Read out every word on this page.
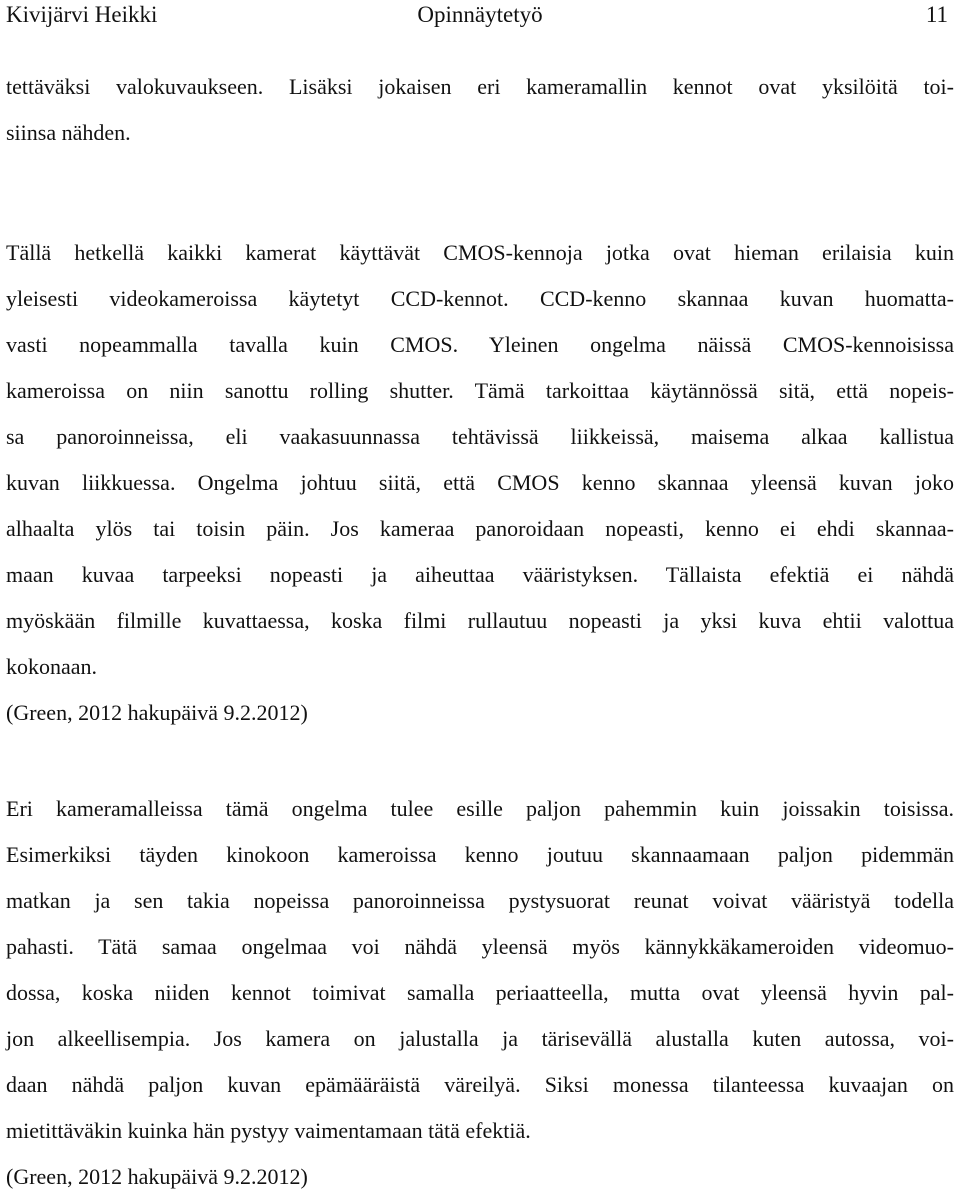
Kivijärvi Heikki	Opinnäytetyö	11
tettäväksi valokuvaukseen. Lisäksi jokaisen eri kameramallin kennot ovat yksilöitä toi-
siinsa nähden.
Tällä hetkellä kaikki kamerat käyttävät CMOS-kennoja jotka ovat hieman erilaisia kuin
yleisesti videokameroissa käytetyt CCD-kennot. CCD-kenno skannaa kuvan huomatta-
vasti nopeammalla tavalla kuin CMOS. Yleinen ongelma näissä CMOS-kennoisissa
kameroissa on niin sanottu rolling shutter. Tämä tarkoittaa käytännössä sitä, että nopeis-
sa panoroinneissa, eli vaakasuunnassa tehtävissä liikkeissä, maisema alkaa kallistua
kuvan liikkuessa. Ongelma johtuu siitä, että CMOS kenno skannaa yleensä kuvan joko
alhaalta ylös tai toisin päin. Jos kameraa panoroidaan nopeasti, kenno ei ehdi skannaa-
maan kuvaa tarpeeksi nopeasti ja aiheuttaa vääristyksen. Tällaista efektiä ei nähdä
myöskään filmille kuvattaessa, koska filmi rullautuu nopeasti ja yksi kuva ehtii valottua
kokonaan.
(Green, 2012 hakupäivä 9.2.2012)
Eri kameramalleissa tämä ongelma tulee esille paljon pahemmin kuin joissakin toisissa.
Esimerkiksi täyden kinokoon kameroissa kenno joutuu skannaamaan paljon pidemmän
matkan ja sen takia nopeissa panoroinneissa pystysuorat reunat voivat vääristyä todella
pahasti. Tätä samaa ongelmaa voi nähdä yleensä myös kännykkäkameroiden videomuo-
dossa, koska niiden kennot toimivat samalla periaatteella, mutta ovat yleensä hyvin pal-
jon alkeellisempia. Jos kamera on jalustalla ja tärisevällä alustalla kuten autossa, voi-
daan nähdä paljon kuvan epämääräistä väreilyä. Siksi monessa tilanteessa kuvaajan on
mietittäväkin kuinka hän pystyy vaimentamaan tätä efektiä.
(Green, 2012 hakupäivä 9.2.2012)
